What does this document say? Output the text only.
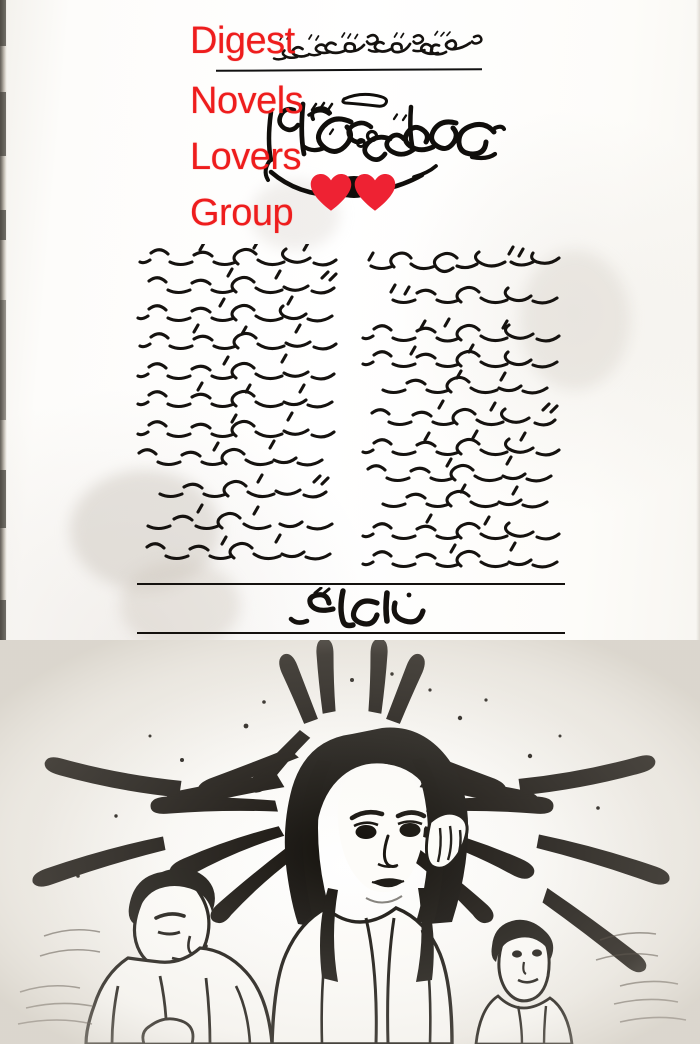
Digest
Novels
Lovers
Group
